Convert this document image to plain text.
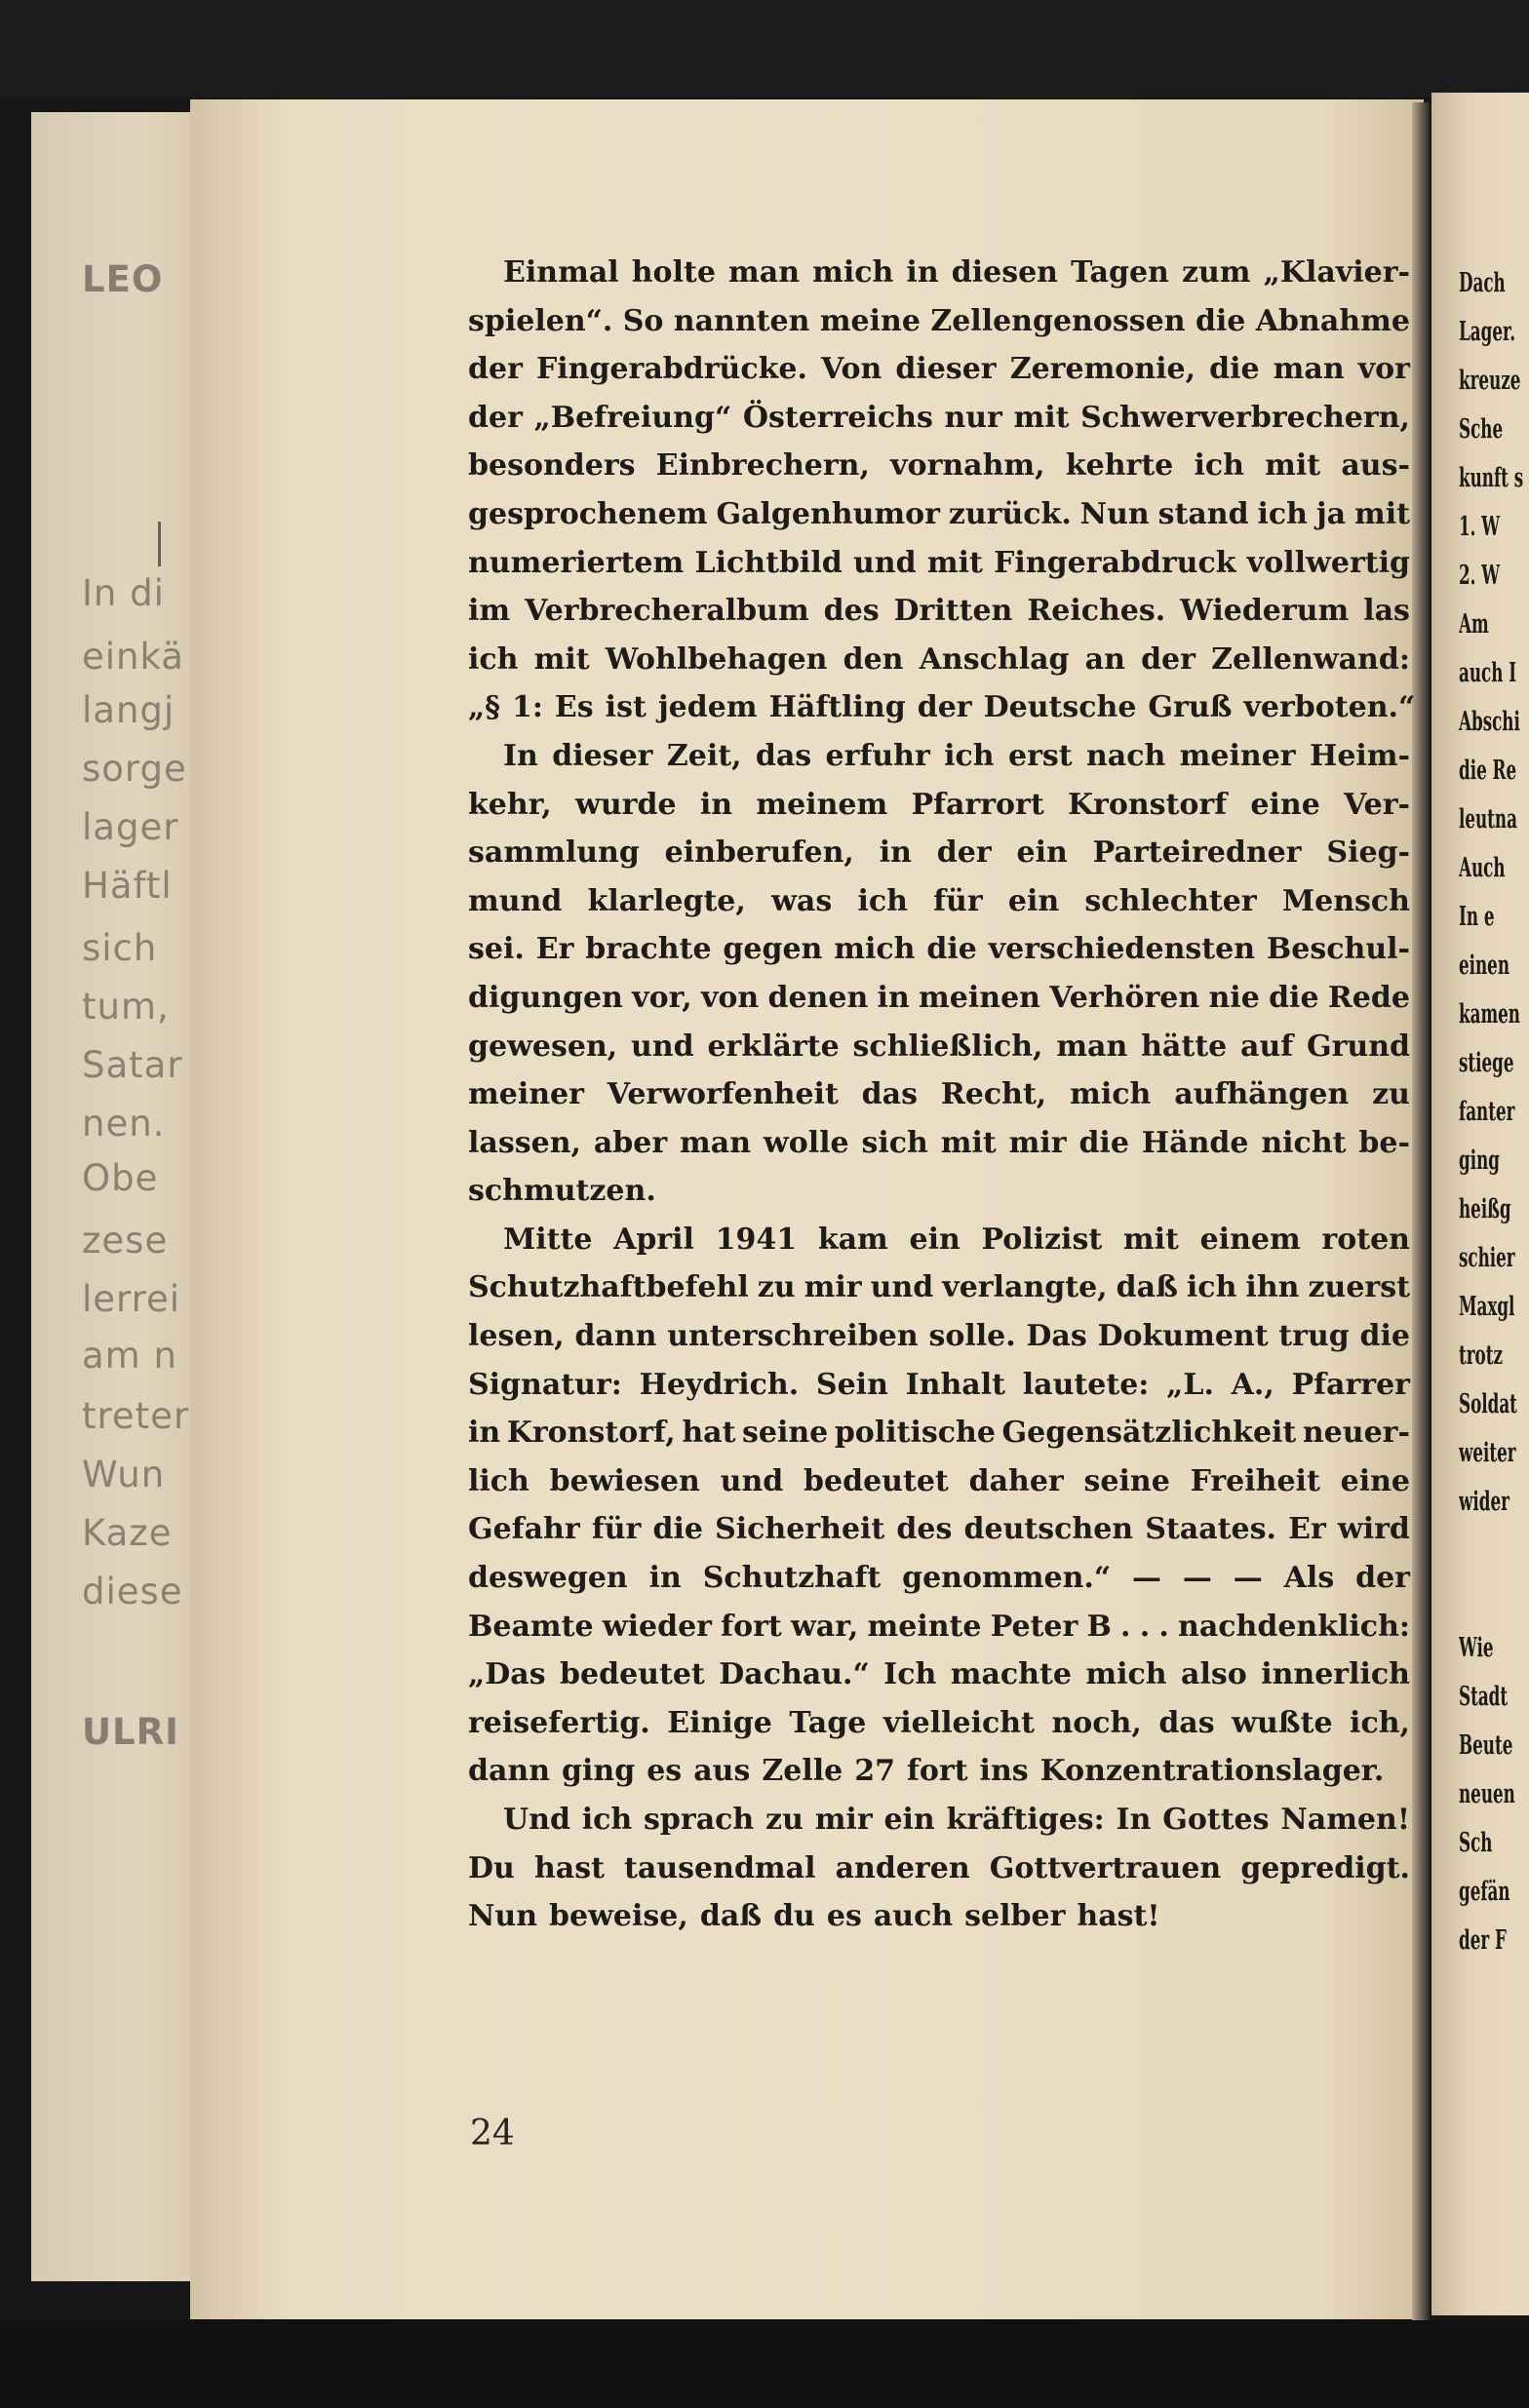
LEO
In di
einkä
langj
sorge
lager
Häftl
sich
tum,
Satar
nen.
Obe
zese
lerrei
am n
treter
Wun
Kaze
diese
ULRI
Dach
Lager.
kreuze
Sche
kunft s
1. W
2. W
Am
auch I
Abschi
die Re
leutna
Auch
In e
einen
kamen
stiege
fanter
ging
heißg
schier
Maxgl
trotz
Soldat
weiter
wider
Wie
Stadt
Beute
neuen
Sch
gefän
der F
Einmal holte man mich in diesen Tagen zum „Klavier-
spielen“. So nannten meine Zellengenossen die Abnahme
der Fingerabdrücke. Von dieser Zeremonie, die man vor
der „Befreiung“ Österreichs nur mit Schwerverbrechern,
besonders Einbrechern, vornahm, kehrte ich mit aus-
gesprochenem Galgenhumor zurück. Nun stand ich ja mit
numeriertem Lichtbild und mit Fingerabdruck vollwertig
im Verbrecheralbum des Dritten Reiches. Wiederum las
ich mit Wohlbehagen den Anschlag an der Zellenwand:
„§ 1: Es ist jedem Häftling der Deutsche Gruß verboten.“
In dieser Zeit, das erfuhr ich erst nach meiner Heim-
kehr, wurde in meinem Pfarrort Kronstorf eine Ver-
sammlung einberufen, in der ein Parteiredner Sieg-
mund klarlegte, was ich für ein schlechter Mensch
sei. Er brachte gegen mich die verschiedensten Beschul-
digungen vor, von denen in meinen Verhören nie die Rede
gewesen, und erklärte schließlich, man hätte auf Grund
meiner Verworfenheit das Recht, mich aufhängen zu
lassen, aber man wolle sich mit mir die Hände nicht be-
schmutzen.
Mitte April 1941 kam ein Polizist mit einem roten
Schutzhaftbefehl zu mir und verlangte, daß ich ihn zuerst
lesen, dann unterschreiben solle. Das Dokument trug die
Signatur: Heydrich. Sein Inhalt lautete: „L. A., Pfarrer
in Kronstorf, hat seine politische Gegensätzlichkeit neuer-
lich bewiesen und bedeutet daher seine Freiheit eine
Gefahr für die Sicherheit des deutschen Staates. Er wird
deswegen in Schutzhaft genommen.“ — — — Als der
Beamte wieder fort war, meinte Peter B . . . nachdenklich:
„Das bedeutet Dachau.“ Ich machte mich also innerlich
reisefertig. Einige Tage vielleicht noch, das wußte ich,
dann ging es aus Zelle 27 fort ins Konzentrationslager.
Und ich sprach zu mir ein kräftiges: In Gottes Namen!
Du hast tausendmal anderen Gottvertrauen gepredigt.
Nun beweise, daß du es auch selber hast!
24
